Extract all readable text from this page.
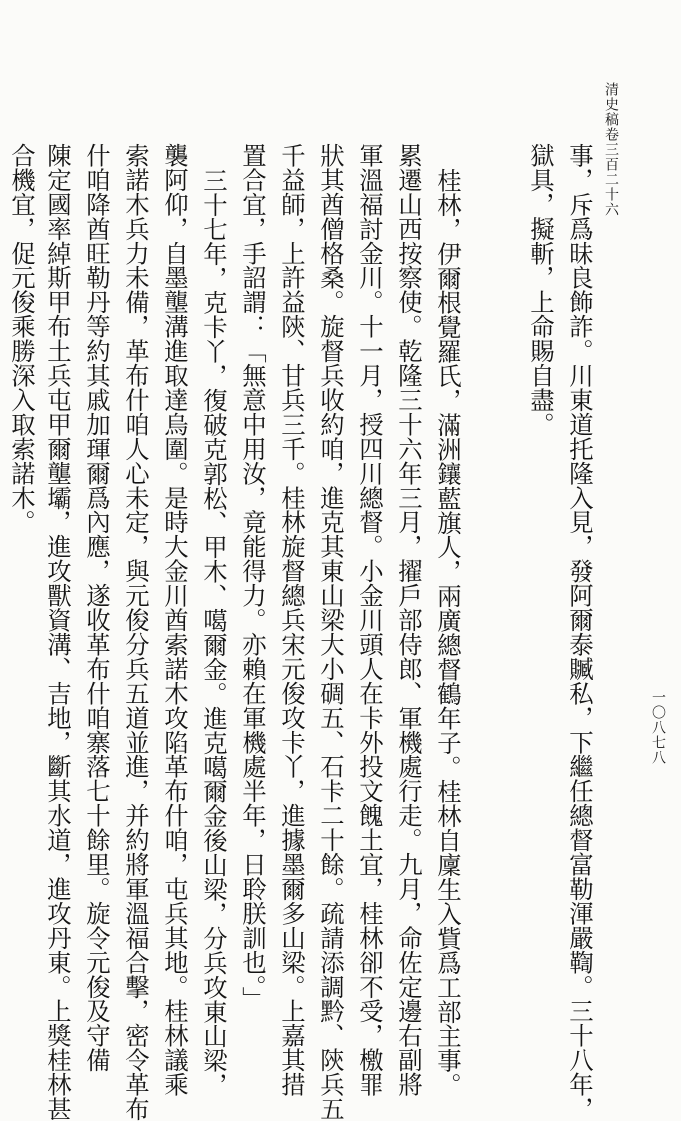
清史稿卷三百二十六
一〇八七八
事，斥爲昧良飾詐。川東道托隆入見，發阿爾泰贓私，下繼任總督富勒渾嚴鞫。三十八年，
獄具，擬斬，上命賜自盡。
桂林，伊爾根覺羅氏，滿洲鑲藍旗人，兩廣總督鶴年子。桂林自廩生入貲爲工部主事。
累遷山西按察使。乾隆三十六年三月，擢戶部侍郎、軍機處行走。九月，命佐定邊右副將
軍溫福討金川。十一月，授四川總督。小金川頭人在卡外投文餽土宜，桂林卻不受，檄罪
狀其酋僧格桑。旋督兵收約咱，進克其東山梁大小碉五、石卡二十餘。疏請添調黔、陝兵五
千益師，上許益陝、甘兵三千。桂林旋督總兵宋元俊攻卡丫，進據墨爾多山梁。上嘉其措
置合宜，手詔謂：「無意中用汝，竟能得力。亦賴在軍機處半年，日聆朕訓也。」
三十七年，克卡丫，復破克郭松、甲木、噶爾金。進克噶爾金後山梁，分兵攻東山梁，
襲阿仰，自墨壟溝進取達烏圍。是時大金川酋索諾木攻陷革布什咱，屯兵其地。桂林議乘
索諾木兵力未備，革布什咱人心未定，與元俊分兵五道並進，并約將軍溫福合擊，密令革布
什咱降酋旺勒丹等約其戚加琿爾爲內應，遂收革布什咱寨落七十餘里。旋令元俊及守備
陳定國率綽斯甲布土兵屯甲爾壟壩，進攻獸資溝、吉地，斷其水道，進攻丹東。上獎桂林甚
合機宜，促元俊乘勝深入取索諾木。
